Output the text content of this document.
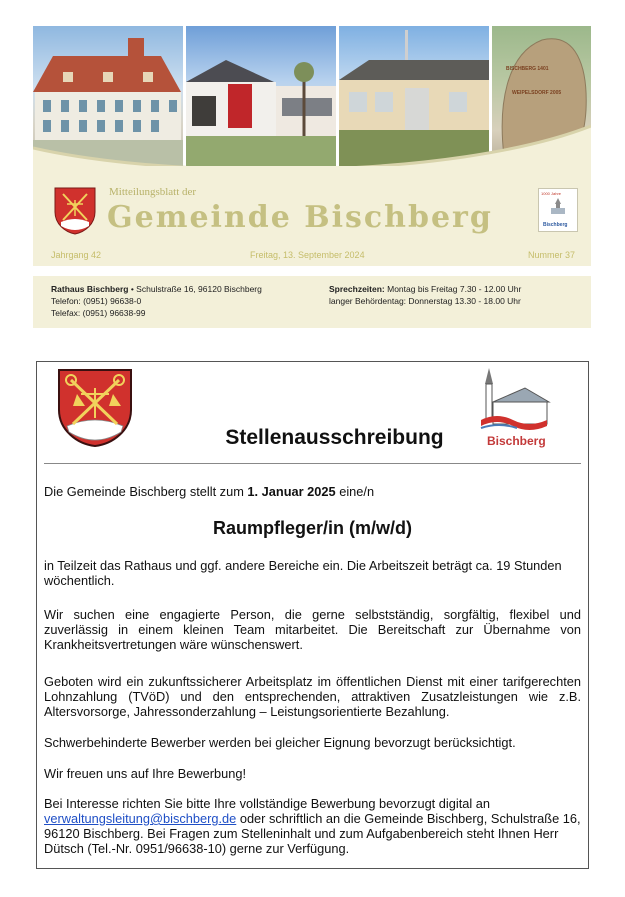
BISCHBERG 1401
WEIPELSDORF 2005
Mitteilungsblatt der
Gemeinde Bischberg
1000 Jahre
Bischberg
Jahrgang 42	Freitag, 13. September 2024	Nummer 37
Rathaus Bischberg • Schulstraße 16, 96120 Bischberg
Telefon: (0951) 96638-0
Telefax: (0951) 96638-99
Sprechzeiten: Montag bis Freitag 7.30 - 12.00 Uhr
langer Behördentag: Donnerstag 13.30 - 18.00 Uhr
Bischberg
Stellenausschreibung
Die Gemeinde Bischberg stellt zum 1. Januar 2025 eine/n
Raumpfleger/in (m/w/d)
in Teilzeit das Rathaus und ggf. andere Bereiche ein. Die Arbeitszeit beträgt ca. 19 Stunden wöchentlich.
Wir suchen eine engagierte Person, die gerne selbstständig, sorgfältig, flexibel und zuverlässig in einem kleinen Team mitarbeitet. Die Bereitschaft zur Übernahme von Krankheitsvertretungen wäre wünschenswert.
Geboten wird ein zukunftssicherer Arbeitsplatz im öffentlichen Dienst mit einer tarifgerechten Lohnzahlung (TVöD) und den entsprechenden, attraktiven Zusatzleistungen wie z.B. Altersvorsorge, Jahressonderzahlung – Leistungsorientierte Bezahlung.
Schwerbehinderte Bewerber werden bei gleicher Eignung bevorzugt berücksichtigt.
Wir freuen uns auf Ihre Bewerbung!
Bei Interesse richten Sie bitte Ihre vollständige Bewerbung bevorzugt digital an
verwaltungsleitung@bischberg.de oder schriftlich an die Gemeinde Bischberg, Schulstraße 16, 96120 Bischberg. Bei Fragen zum Stelleninhalt und zum Aufgabenbereich steht Ihnen Herr Dütsch (Tel.-Nr. 0951/96638-10) gerne zur Verfügung.
